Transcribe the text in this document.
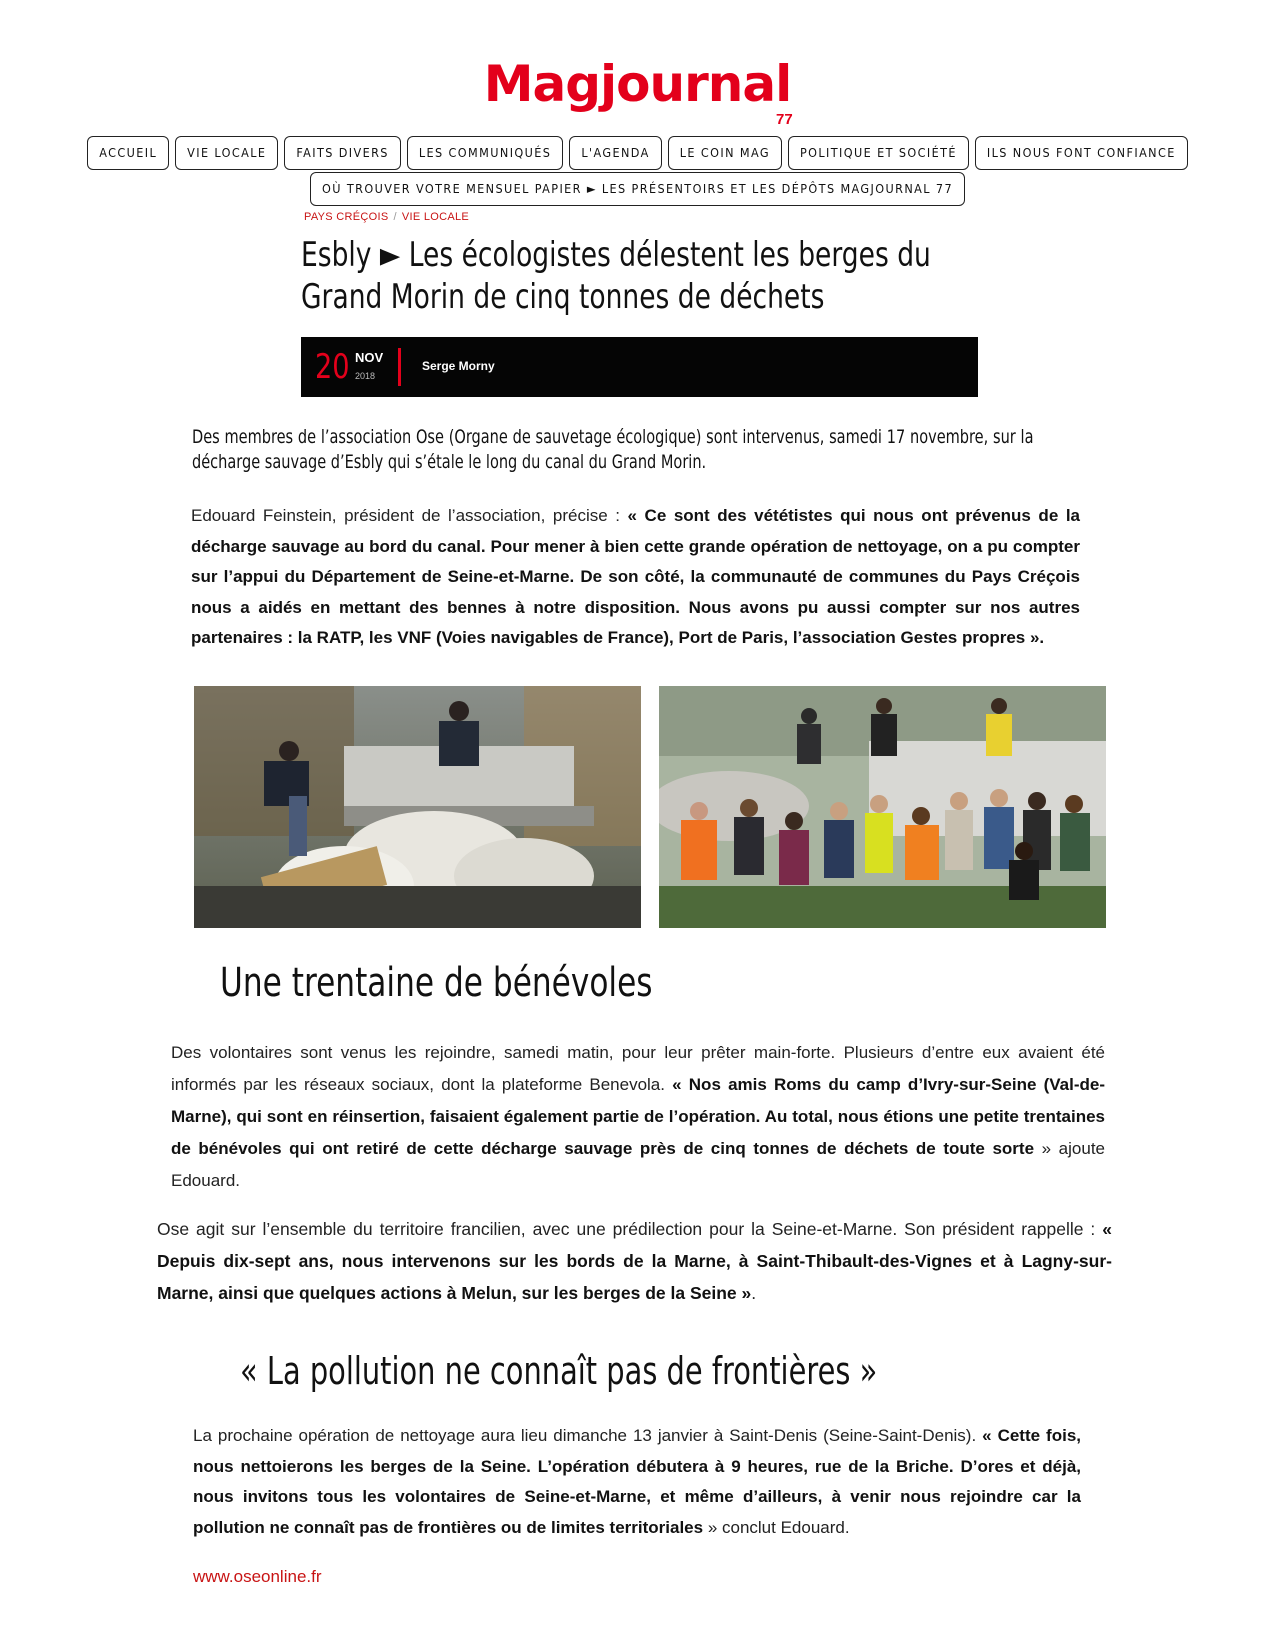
Magjournal
77
ACCUEIL	VIE LOCALE	FAITS DIVERS	LES COMMUNIQUÉS	L'AGENDA	LE COIN MAG	POLITIQUE ET SOCIÉTÉ	ILS NOUS FONT CONFIANCE
OÙ TROUVER VOTRE MENSUEL PAPIER ► LES PRÉSENTOIRS ET LES DÉPÔTS MAGJOURNAL 77
PAYS CRÉÇOIS / VIE LOCALE
Esbly ► Les écologistes délestent les berges du
Grand Morin de cinq tonnes de déchets
20 NOV
2018
Serge Morny

Des membres de l’association Ose (Organe de sauvetage écologique) sont intervenus, samedi 17 novembre, sur la décharge sauvage d’Esbly qui s’étale le long du canal du Grand Morin.

Edouard Feinstein, président de l’association, précise : « Ce sont des vététistes qui nous ont prévenus de la décharge sauvage au bord du canal. Pour mener à bien cette grande opération de nettoyage, on a pu compter sur l’appui du Département de Seine-et-Marne. De son côté, la communauté de communes du Pays Créçois nous a aidés en mettant des bennes à notre disposition. Nous avons pu aussi compter sur nos autres partenaires : la RATP, les VNF (Voies navigables de France), Port de Paris, l’association Gestes propres ».

Une trentaine de bénévoles

Des volontaires sont venus les rejoindre, samedi matin, pour leur prêter main-forte. Plusieurs d’entre eux avaient été informés par les réseaux sociaux, dont la plateforme Benevola. « Nos amis Roms du camp d’Ivry-sur-Seine (Val-de-Marne), qui sont en réinsertion, faisaient également partie de l’opération. Au total, nous étions une petite trentaines de bénévoles qui ont retiré de cette décharge sauvage près de cinq tonnes de déchets de toute sorte » ajoute Edouard.

Ose agit sur l’ensemble du territoire francilien, avec une prédilection pour la Seine-et-Marne. Son président rappelle : « Depuis dix-sept ans, nous intervenons sur les bords de la Marne, à Saint-Thibault-des-Vignes et à Lagny-sur-Marne, ainsi que quelques actions à Melun, sur les berges de la Seine ».

« La pollution ne connaît pas de frontières »

La prochaine opération de nettoyage aura lieu dimanche 13 janvier à Saint-Denis (Seine-Saint-Denis). « Cette fois, nous nettoierons les berges de la Seine. L’opération débutera à 9 heures, rue de la Briche. D’ores et déjà, nous invitons tous les volontaires de Seine-et-Marne, et même d’ailleurs, à venir nous rejoindre car la pollution ne connaît pas de frontières ou de limites territoriales » conclut Edouard.

www.oseonline.fr
